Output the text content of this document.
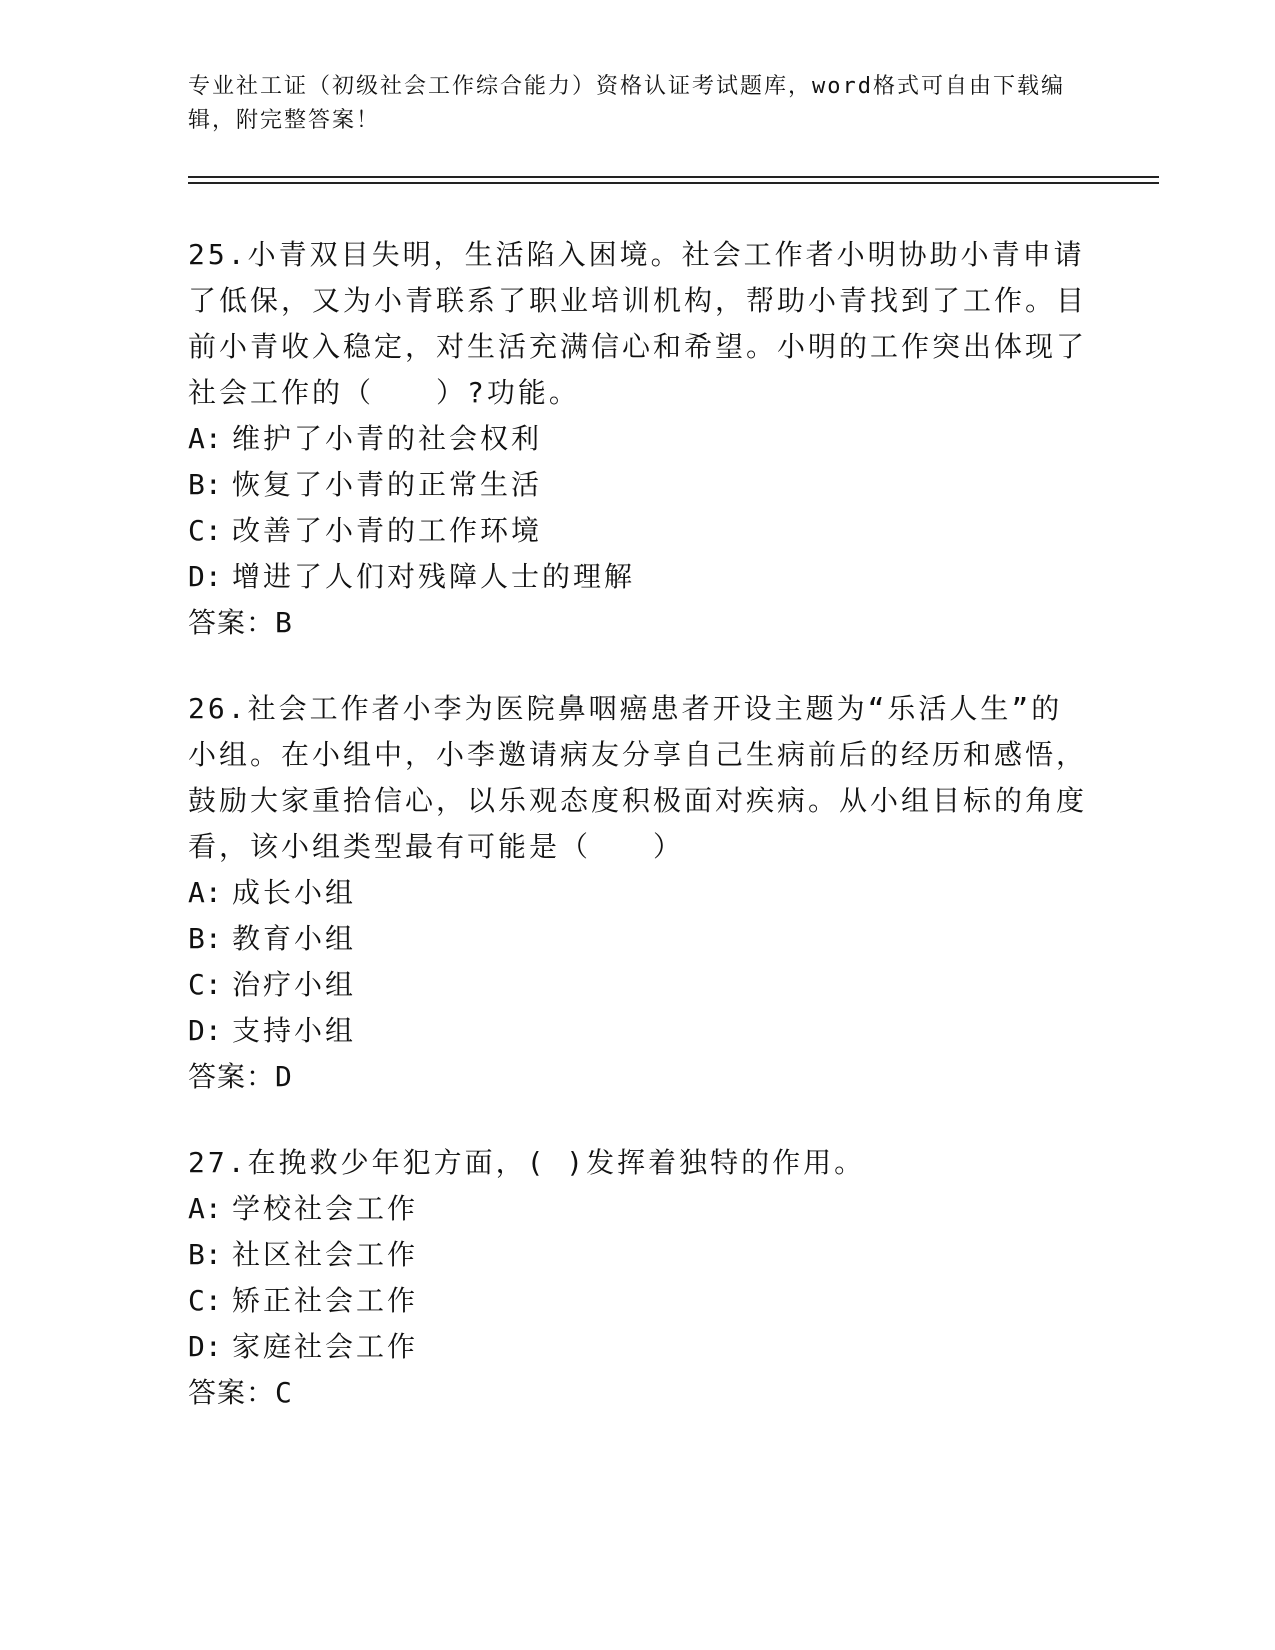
专业社工证（初级社会工作综合能力）资格认证考试题库，word格式可自由下载编辑，附完整答案！
25.小青双目失明，生活陷入困境。社会工作者小明协助小青申请了低保，又为小青联系了职业培训机构，帮助小青找到了工作。目前小青收入稳定，对生活充满信心和希望。小明的工作突出体现了社会工作的（　　）?功能。
A: 维护了小青的社会权利
B: 恢复了小青的正常生活
C: 改善了小青的工作环境
D: 增进了人们对残障人士的理解
答案：B
26.社会工作者小李为医院鼻咽癌患者开设主题为“乐活人生”的小组。在小组中，小李邀请病友分享自己生病前后的经历和感悟，鼓励大家重拾信心，以乐观态度积极面对疾病。从小组目标的角度看，该小组类型最有可能是（　　）
A: 成长小组
B: 教育小组
C: 治疗小组
D: 支持小组
答案：D
27.在挽救少年犯方面，( )发挥着独特的作用。
A: 学校社会工作
B: 社区社会工作
C: 矫正社会工作
D: 家庭社会工作
答案：C
